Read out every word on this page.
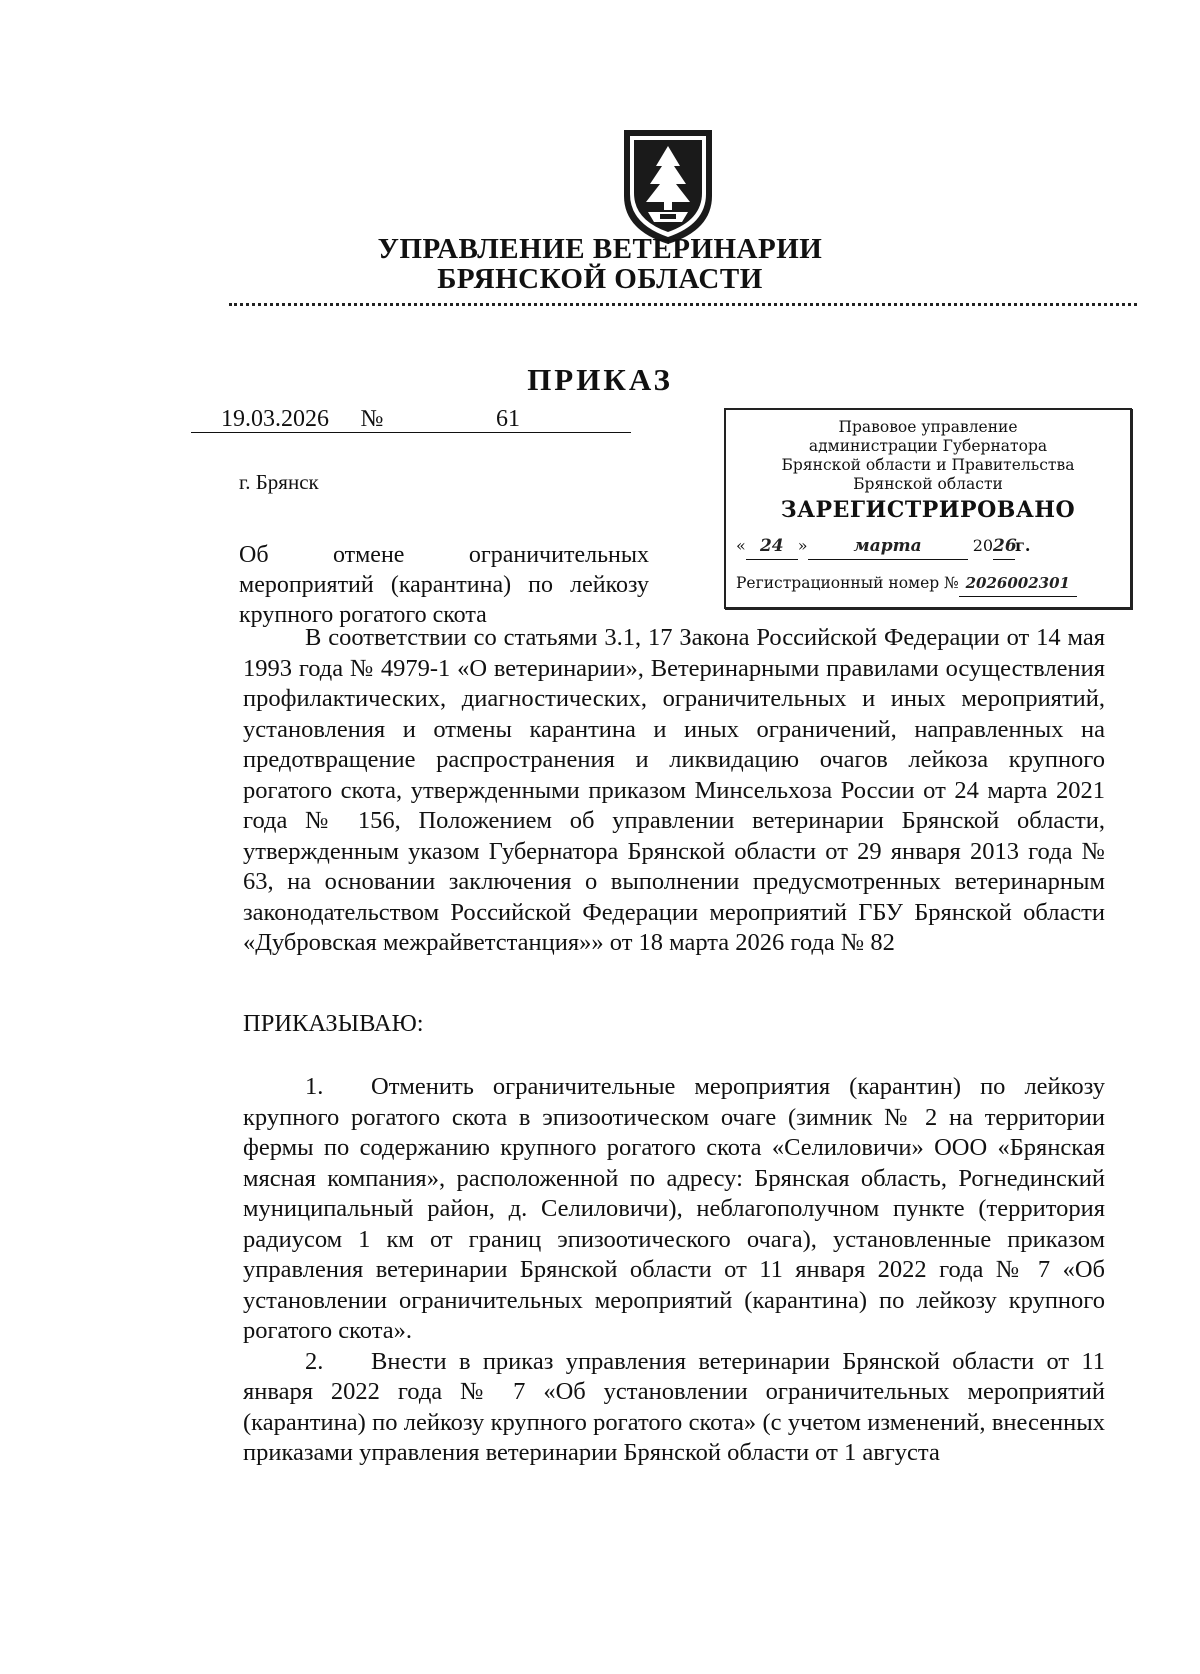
УПРАВЛЕНИЕ ВЕТЕРИНАРИИ
БРЯНСКОЙ ОБЛАСТИ
ПРИКАЗ
19.03.2026 №	61
г. Брянск
Об отмене ограничительных мероприятий (карантина) по лейкозу крупного рогатого скота
Правовое управление
администрации Губернатора
Брянской области и Правительства
Брянской области
ЗАРЕГИСТРИРОВАНО
« 24 »	марта	2026г.
Регистрационный номер № 2026002301

В соответствии со статьями 3.1, 17 Закона Российской Федерации от 14 мая 1993 года № 4979-1 «О ветеринарии», Ветеринарными правилами осуществления профилактических, диагностических, ограничительных и иных мероприятий, установления и отмены карантина и иных ограничений, направленных на предотвращение распространения и ликвидацию очагов лейкоза крупного рогатого скота, утвержденными приказом Минсельхоза России от 24 марта 2021 года № 156, Положением об управлении ветеринарии Брянской области, утвержденным указом Губернатора Брянской области от 29 января 2013 года № 63, на основании заключения о выполнении предусмотренных ветеринарным законодательством Российской Федерации мероприятий ГБУ Брянской области «Дубровская межрайветстанция»» от 18 марта 2026 года № 82

ПРИКАЗЫВАЮ:

1. Отменить ограничительные мероприятия (карантин) по лейкозу крупного рогатого скота в эпизоотическом очаге (зимник № 2 на территории фермы по содержанию крупного рогатого скота «Селиловичи» ООО «Брянская мясная компания», расположенной по адресу: Брянская область, Рогнединский муниципальный район, д. Селиловичи), неблагополучном пункте (территория радиусом 1 км от границ эпизоотического очага), установленные приказом управления ветеринарии Брянской области от 11 января 2022 года № 7 «Об установлении ограничительных мероприятий (карантина) по лейкозу крупного рогатого скота».

2. Внести в приказ управления ветеринарии Брянской области от 11 января 2022 года № 7 «Об установлении ограничительных мероприятий (карантина) по лейкозу крупного рогатого скота» (с учетом изменений, внесенных приказами управления ветеринарии Брянской области от 1 августа
